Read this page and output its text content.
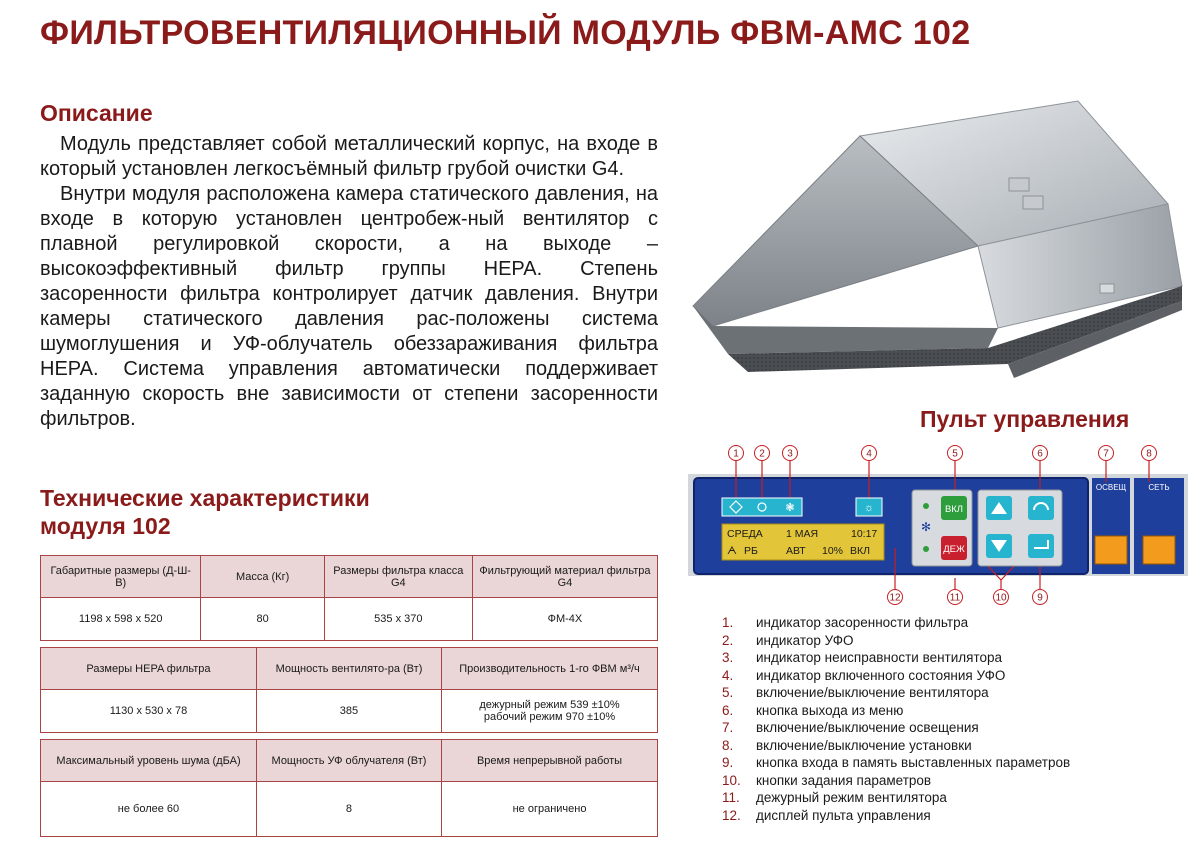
ФИЛЬТРОВЕНТИЛЯЦИОННЫЙ МОДУЛЬ ФВМ-АМС 102
Описание

Модуль представляет собой металлический корпус, на входе в который установлен легкосъёмный фильтр грубой очистки G4.

Внутри модуля расположена камера статического давления, на входе в которую установлен центробеж-ный вентилятор с плавной регулировкой скорости, а на выходе – высокоэффективный фильтр группы HEPA. Степень засоренности фильтра контролирует датчик давления. Внутри камеры статического давления рас-положены система шумоглушения и УФ-облучатель обеззараживания фильтра HEPA. Система управления автоматически поддерживает заданную скорость вне зависимости от степени засоренности фильтров.

Технические характеристики
модуля 102
Габаритные размеры (Д-Ш-В)	Масса (Кг)	Размеры фильтра класса G4	Фильтрующий материал фильтра G4
1198 х 598 х 520	80	535 х 370	ФМ-4Х
Размеры HEPA фильтра	Мощность вентилято-ра (Вт)	Производительность 1-го ФВМ м³/ч
1130 х 530 х 78	385	дежурный режим 539 ±10%
рабочий режим 970 ±10%
Максимальный уровень шума (дБА)	Мощность УФ облучателя (Вт)	Время непрерывной работы
не более 60	8	не ограничено
Пульт управления
1 2 3	4	5	6	7	8
9
10
11
12
❃	☼
СРЕДА 1 МАЯ	10:17
ᗅ РБ	АВТ 10% ВКЛ
✻
ВКЛ
ДЕЖ
ОСВЕЩ	СЕТЬ
1.	индикатор засоренности фильтра
2.	индикатор УФО
3.	индикатор неисправности вентилятора
4.	индикатор включенного состояния УФО
5.	включение/выключение вентилятора
6.	кнопка выхода из меню
7.	включение/выключение освещения
8.	включение/выключение установки
9.	кнопка входа в память выставленных параметров
10.	кнопки задания параметров
11.	дежурный режим вентилятора
12.	дисплей пульта управления
